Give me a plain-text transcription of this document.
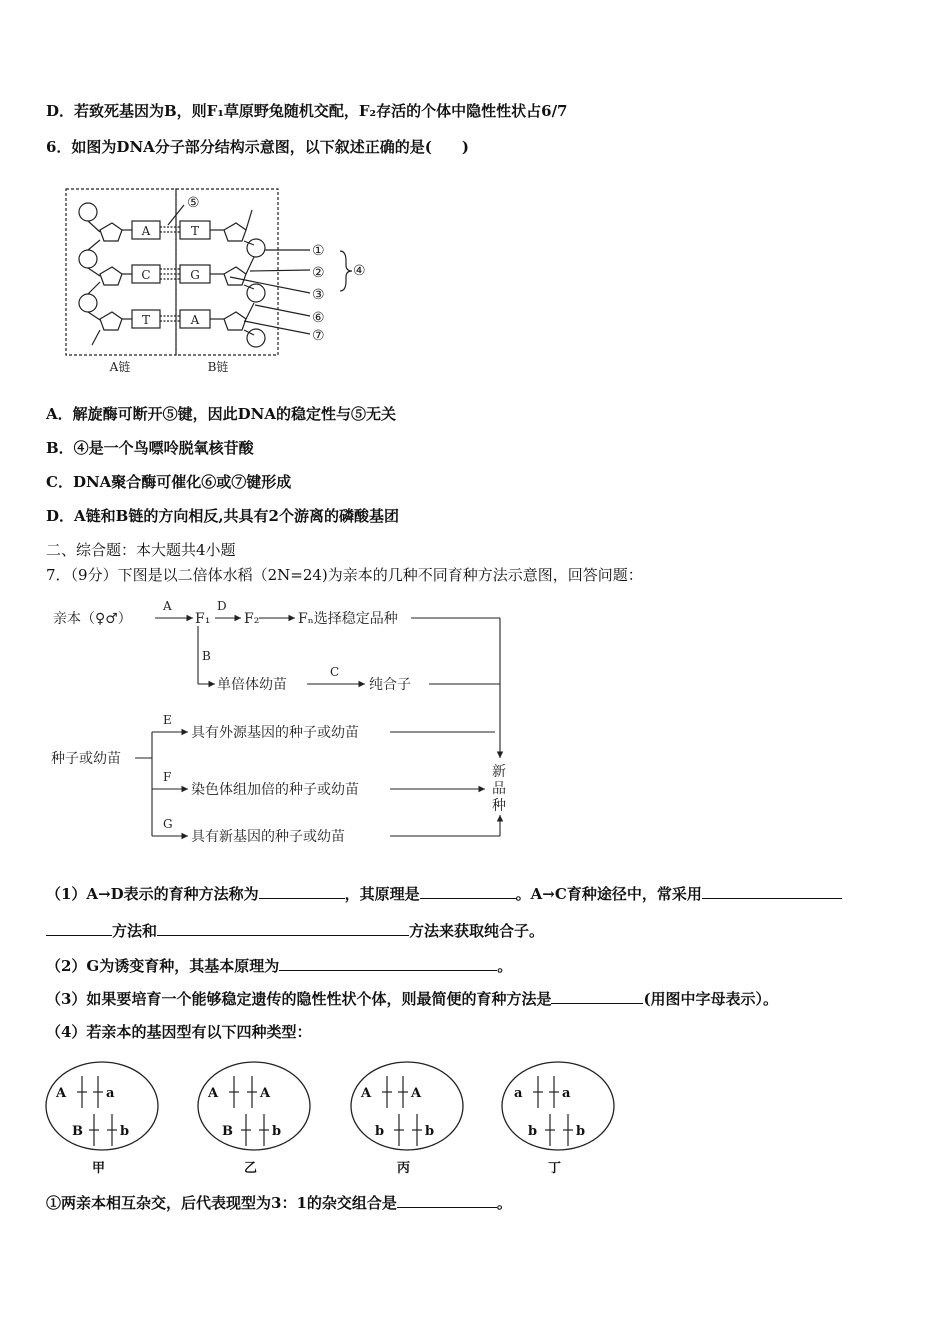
D．若致死基因为B，则F₁草原野兔随机交配，F₂存活的个体中隐性性状占6/7
6．如图为DNA分子部分结构示意图，以下叙述正确的是(　　)
A
C
T
T
G
A
⑤
①
②
③
④
⑥
⑦
A链	B链
A．解旋酶可断开⑤键，因此DNA的稳定性与⑤无关
B．④是一个鸟嘌呤脱氧核苷酸
C．DNA聚合酶可催化⑥或⑦键形成
D．A链和B链的方向相反,共具有2个游离的磷酸基团
二、综合题：本大题共4小题
7．（9分）下图是以二倍体水稻（2N=24)为亲本的几种不同育种方法示意图，回答问题：
亲本（♀♂）	F₁ F₂	Fₙ选择稳定品种
单倍体幼苗	纯合子
种子或幼苗
具有外源基因的种子或幼苗
染色体组加倍的种子或幼苗
具有新基因的种子或幼苗
新
品
种
A	D
B
C
E
F
G
（1）A→D表示的育种方法称为	，其原理是	。A→C育种途径中，常采用
方法和	方法来获取纯合子。
（2）G为诱变育种，其基本原理为	。
（3）如果要培育一个能够稳定遗传的隐性性状个体，则最简便的育种方法是	(用图中字母表示）。
（4）若亲本的基因型有以下四种类型：
A	a
B	b
甲
A	A
B	b
乙
A	A
b	b
丙
a	a
b	b
丁
①两亲本相互杂交，后代表现型为3：1的杂交组合是	。
